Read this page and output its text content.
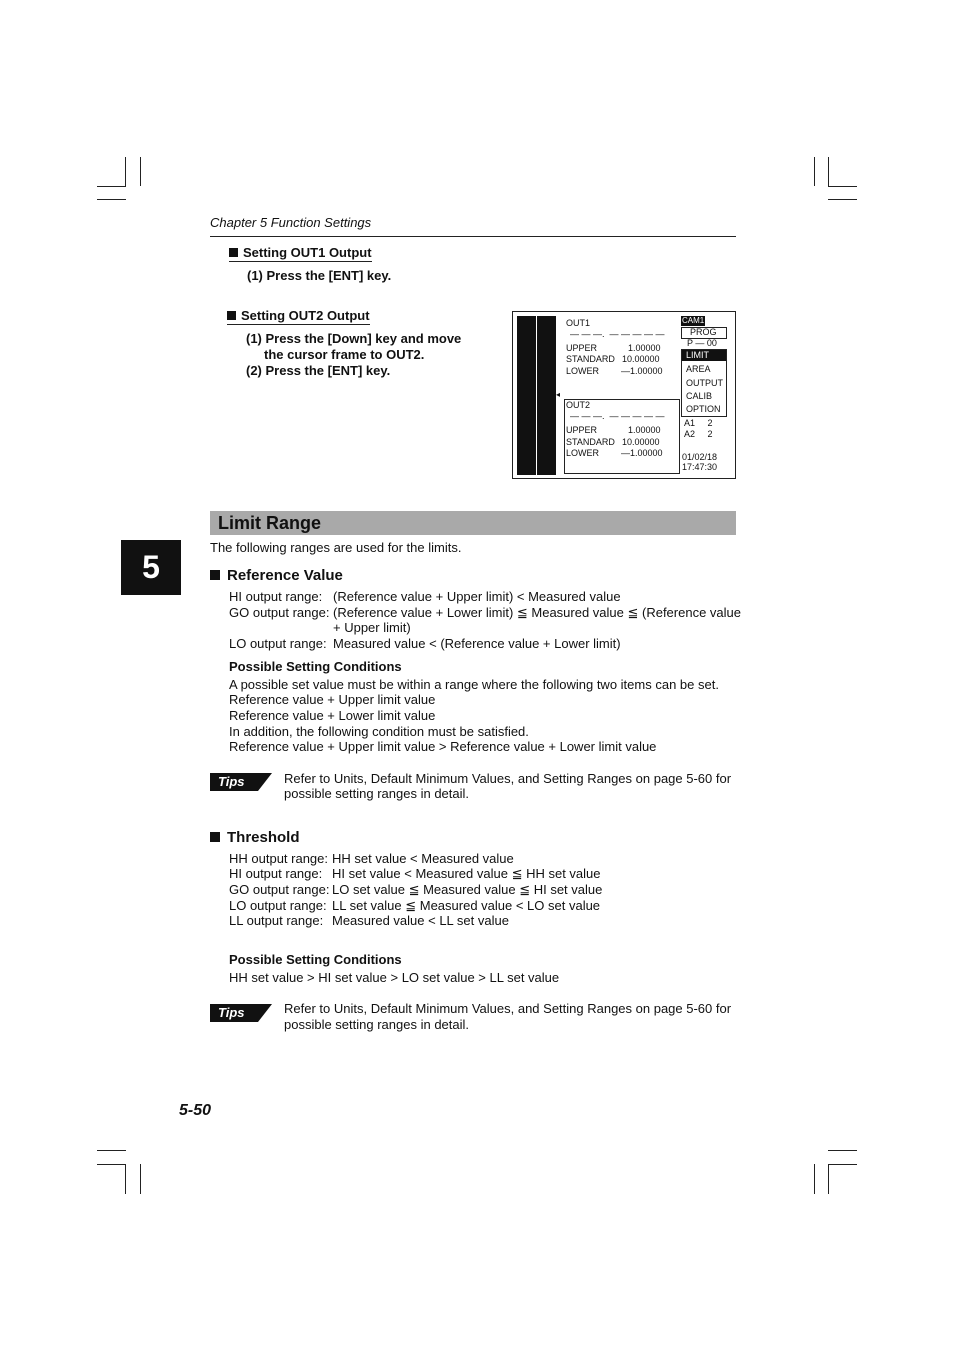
Chapter 5 Function Settings
Setting OUT1 Output
(1) Press the [ENT] key.
Setting OUT2 Output
(1) Press the [Down] key and move
the cursor frame to OUT2.
(2) Press the [ENT] key.
OUT1
— — —.  — — — — —
UPPER	1.00000
STANDARD 10.00000
LOWER —1.00000
◂
OUT2
— — —.  — — — — —
UPPER	1.00000
STANDARD 10.00000
LOWER —1.00000
CAM1
PROG
P — 00
LIMIT
AREA
OUTPUT
CALIB
OPTION
A1     2
A2     2
01/02/18
17:47:30
5
Limit Range
The following ranges are used for the limits.
Reference Value
HI output range: (Reference value + Upper limit) < Measured value
GO output range: (Reference value + Lower limit) ≦ Measured value ≦ (Reference value
+ Upper limit)
LO output range: Measured value < (Reference value + Lower limit)
Possible Setting Conditions
A possible set value must be within a range where the following two items can be set.
Reference value + Upper limit value
Reference value + Lower limit value
In addition, the following condition must be satisfied.
Reference value + Upper limit value > Reference value + Lower limit value
Tips	Refer to Units, Default Minimum Values, and Setting Ranges on page 5-60 for
possible setting ranges in detail.
Threshold
HH output range: HH set value < Measured value
HI output range: HI set value < Measured value ≦ HH set value
GO output range: LO set value ≦ Measured value ≦ HI set value
LO output range: LL set value ≦ Measured value < LO set value
LL output range: Measured value < LL set value
Possible Setting Conditions
HH set value > HI set value > LO set value > LL set value
Tips	Refer to Units, Default Minimum Values, and Setting Ranges on page 5-60 for
possible setting ranges in detail.
5-50
